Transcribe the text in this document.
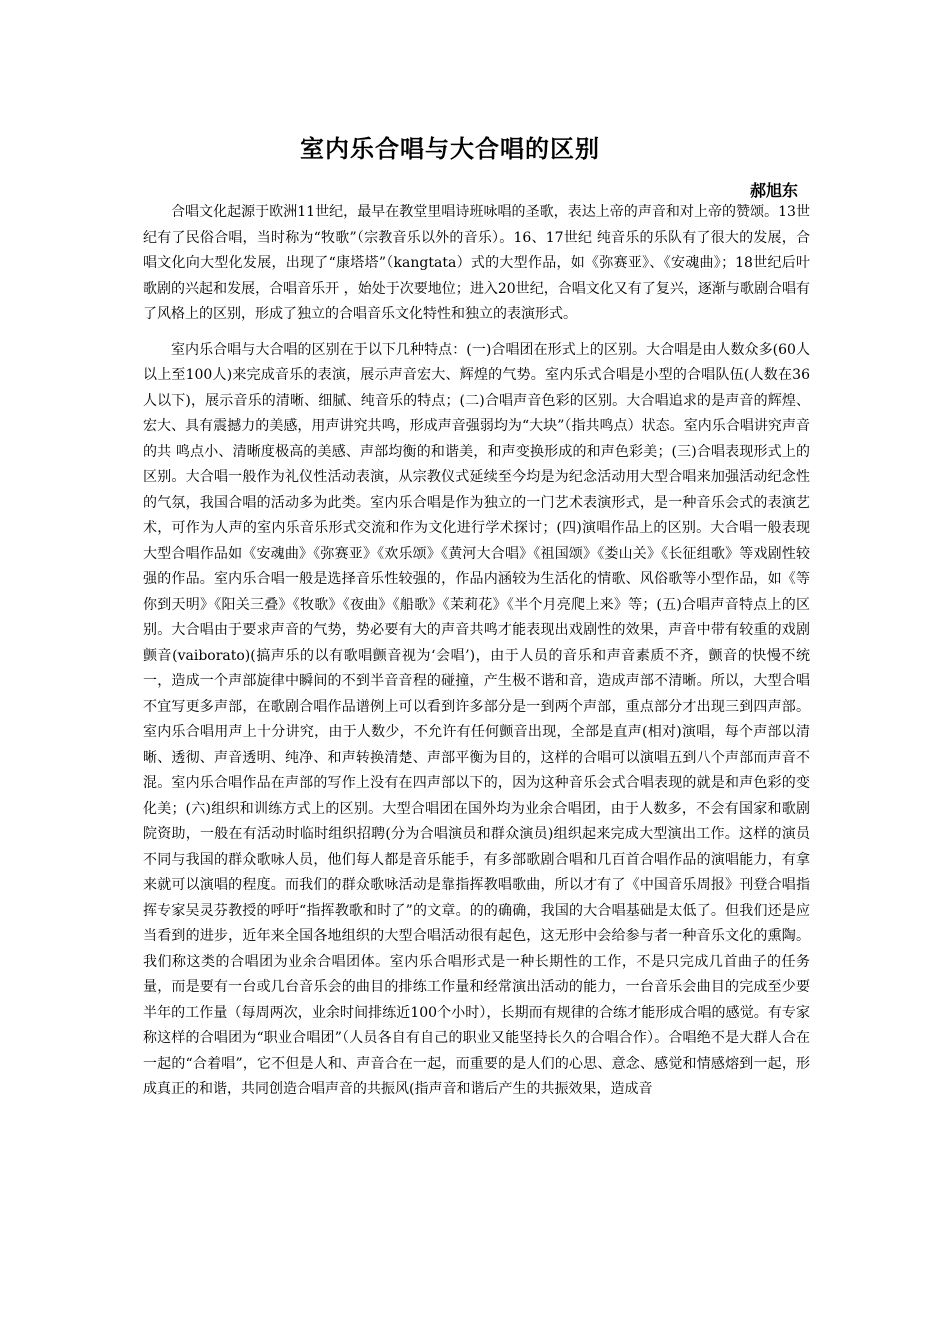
室内乐合唱与大合唱的区别
郝旭东

合唱文化起源于欧洲11世纪，最早在教堂里唱诗班咏唱的圣歌，表达上帝的声音和对上帝的赞颂。13世纪有了民俗合唱，当时称为“牧歌”（宗教音乐以外的音乐）。16、17世纪 纯音乐的乐队有了很大的发展，合唱文化向大型化发展，出现了“康塔塔”（kangtata）式的大型作品，如《弥赛亚》、《安魂曲》；18世纪后叶歌剧的兴起和发展，合唱音乐开 ，始处于次要地位；进入20世纪，合唱文化又有了复兴，逐渐与歌剧合唱有了风格上的区别，形成了独立的合唱音乐文化特性和独立的表演形式。

室内乐合唱与大合唱的区别在于以下几种特点：(一)合唱团在形式上的区别。大合唱是由人数众多(60人以上至100人)来完成音乐的表演，展示声音宏大、辉煌的气势。室内乐式合唱是小型的合唱队伍(人数在36人以下)，展示音乐的清晰、细腻、纯音乐的特点；(二)合唱声音色彩的区别。大合唱追求的是声音的辉煌、宏大、具有震撼力的美感，用声讲究共鸣，形成声音强弱均为“大块”（指共鸣点）状态。室内乐合唱讲究声音的共 鸣点小、清晰度极高的美感、声部均衡的和谐美，和声变换形成的和声色彩美；(三)合唱表现形式上的区别。大合唱一般作为礼仪性活动表演，从宗教仪式延续至今均是为纪念活动用大型合唱来加强活动纪念性的气氛，我国合唱的活动多为此类。室内乐合唱是作为独立的一门艺术表演形式，是一种音乐会式的表演艺术，可作为人声的室内乐音乐形式交流和作为文化进行学术探讨；(四)演唱作品上的区别。大合唱一般表现大型合唱作品如《安魂曲》《弥赛亚》《欢乐颂》《黄河大合唱》《祖国颂》《娄山关》《长征组歌》等戏剧性较强的作品。室内乐合唱一般是选择音乐性较强的，作品内涵较为生活化的情歌、风俗歌等小型作品，如《等你到天明》《阳关三叠》《牧歌》《夜曲》《船歌》《茉莉花》《半个月亮爬上来》等；(五)合唱声音特点上的区别。大合唱由于要求声音的气势，势必要有大的声音共鸣才能表现出戏剧性的效果，声音中带有较重的戏剧颤音(vaiborato)(搞声乐的以有歌唱颤音视为‘会唱’)，由于人员的音乐和声音素质不齐，颤音的快慢不统一，造成一个声部旋律中瞬间的不到半音音程的碰撞，产生极不谐和音，造成声部不清晰。所以，大型合唱不宜写更多声部，在歌剧合唱作品谱例上可以看到许多部分是一到两个声部，重点部分才出现三到四声部。室内乐合唱用声上十分讲究，由于人数少，不允许有任何颤音出现，全部是直声(相对)演唱，每个声部以清晰、透彻、声音透明、纯净、和声转换清楚、声部平衡为目的，这样的合唱可以演唱五到八个声部而声音不混。室内乐合唱作品在声部的写作上没有在四声部以下的，因为这种音乐会式合唱表现的就是和声色彩的变化美；(六)组织和训练方式上的区别。大型合唱团在国外均为业余合唱团，由于人数多，不会有国家和歌剧院资助，一般在有活动时临时组织招聘(分为合唱演员和群众演员)组织起来完成大型演出工作。这样的演员不同与我国的群众歌咏人员，他们每人都是音乐能手，有多部歌剧合唱和几百首合唱作品的演唱能力，有拿来就可以演唱的程度。而我们的群众歌咏活动是靠指挥教唱歌曲，所以才有了《中国音乐周报》刊登合唱指挥专家吴灵芬教授的呼吁“指挥教歌和时了”的文章。的的确确，我国的大合唱基础是太低了。但我们还是应当看到的进步，近年来全国各地组织的大型合唱活动很有起色，这无形中会给参与者一种音乐文化的熏陶。我们称这类的合唱团为业余合唱团体。室内乐合唱形式是一种长期性的工作，不是只完成几首曲子的任务量，而是要有一台或几台音乐会的曲目的排练工作量和经常演出活动的能力，一台音乐会曲目的完成至少要半年的工作量（每周两次，业余时间排练近100个小时），长期而有规律的合练才能形成合唱的感觉。有专家称这样的合唱团为“职业合唱团”（人员各自有自己的职业又能坚持长久的合唱合作）。合唱绝不是大群人合在一起的“合着唱”，它不但是人和、声音合在一起，而重要的是人们的心思、意念、感觉和情感熔到一起，形成真正的和谐，共同创造合唱声音的共振风(指声音和谐后产生的共振效果，造成音
